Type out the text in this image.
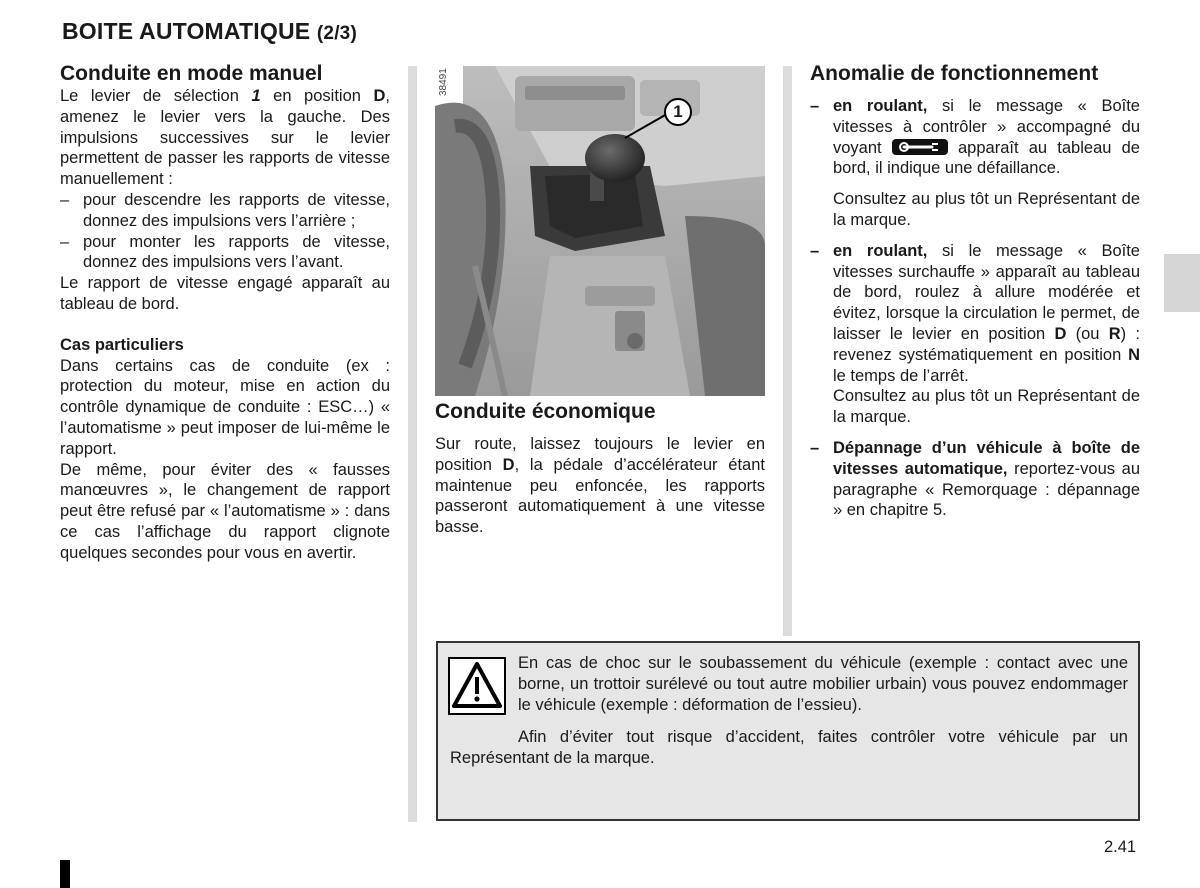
BOITE AUTOMATIQUE (2/3)
Conduite en mode manuel

Le levier de sélection 1 en position D, amenez le levier vers la gauche. Des impulsions successives sur le levier permettent de passer les rapports de vitesse manuellement :

– pour descendre les rapports de vitesse, donnez des impulsions vers l’arrière ;
– pour monter les rapports de vitesse, donnez des impulsions vers l’avant.

Le rapport de vitesse engagé apparaît au tableau de bord.

Cas particuliers

Dans certains cas de conduite (ex : protection du moteur, mise en action du contrôle dynamique de conduite : ESC…) « l’automatisme » peut imposer de lui-même le rapport.

De même, pour éviter des « fausses manœuvres », le changement de rapport peut être refusé par « l’automatisme » : dans ce cas l’affichage du rapport clignote quelques secondes pour vous en avertir.

38491
1
Conduite économique

Sur route, laissez toujours le levier en position D, la pédale d’accélérateur étant maintenue peu enfoncée, les rapports passeront automatiquement à une vitesse basse.

Anomalie de fonctionnement
– en roulant, si le message « Boîte vitesses à contrôler » accompagné du voyant	apparaît au tableau de bord, il indique une défaillance.

Consultez au plus tôt un Représentant de la marque.

– en roulant, si le message « Boîte vitesses surchauffe » apparaît au tableau de bord, roulez à allure modérée et évitez, lorsque la circulation le permet, de laisser le levier en position D (ou R) : revenez systématiquement en position N le temps de l’arrêt.

Consultez au plus tôt un Représentant de la marque.

– Dépannage d’un véhicule à boîte de vitesses automatique, reportez-vous au paragraphe « Remorquage : dépannage » en chapitre 5.
En cas de choc sur le soubassement du véhicule (exemple : contact avec une borne, un trottoir surélevé ou tout autre mobilier urbain) vous pouvez endommager le véhicule (exemple : déformation de l’essieu).
Afin d’éviter tout risque d’accident, faites contrôler votre véhicule par un Représentant de la marque.
2.41
